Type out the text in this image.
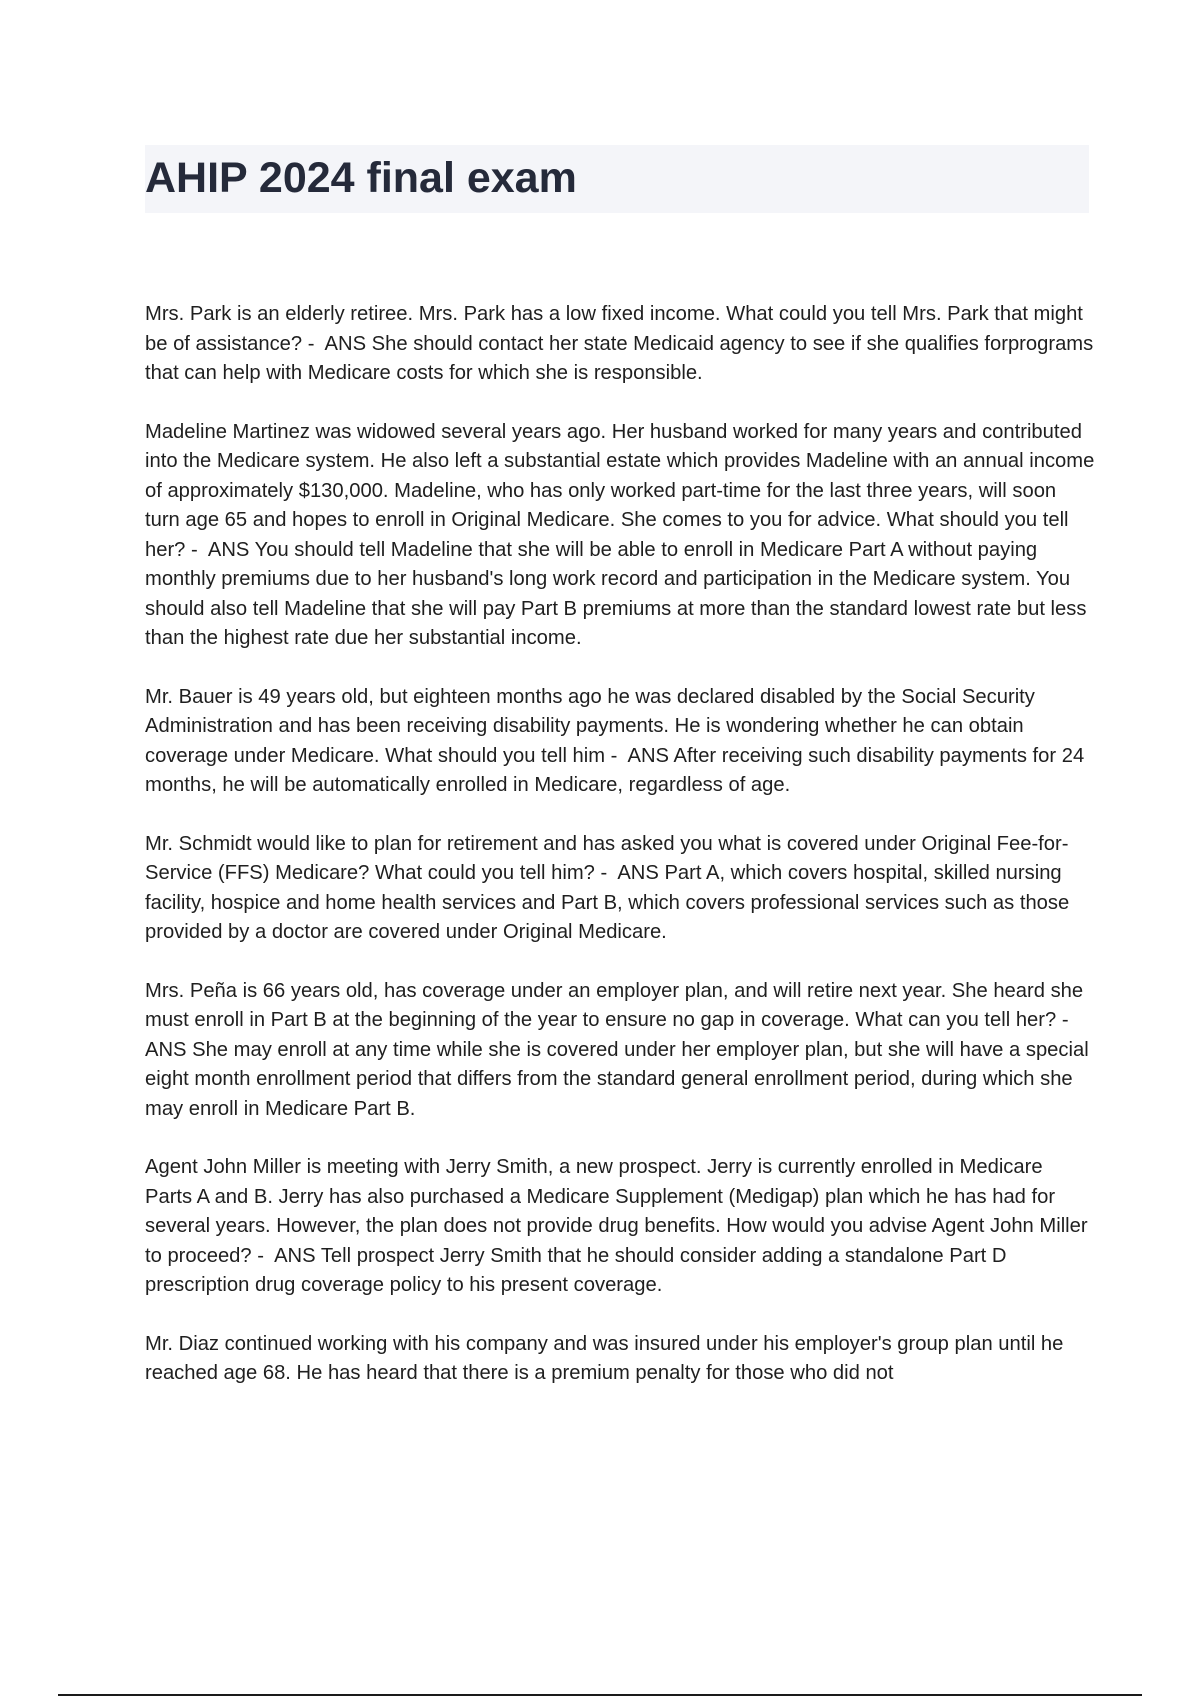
AHIP 2024 final exam

Mrs. Park is an elderly retiree. Mrs. Park has a low fixed income. What could you tell Mrs. Park that might be of assistance? -  ANS She should contact her state Medicaid agency to see if she qualifies forprograms that can help with Medicare costs for which she is responsible.

Madeline Martinez was widowed several years ago. Her husband worked for many years and contributed into the Medicare system. He also left a substantial estate which provides Madeline with an annual income of approximately $130,000. Madeline, who has only worked part-time for the last three years, will soon turn age 65 and hopes to enroll in Original Medicare. She comes to you for advice. What should you tell her? -  ANS You should tell Madeline that she will be able to enroll in Medicare Part A without paying monthly premiums due to her husband's long work record and participation in the Medicare system. You should also tell Madeline that she will pay Part B premiums at more than the standard lowest rate but less than the highest rate due her substantial income.

Mr. Bauer is 49 years old, but eighteen months ago he was declared disabled by the Social Security Administration and has been receiving disability payments. He is wondering whether he can obtain coverage under Medicare. What should you tell him -  ANS After receiving such disability payments for 24 months, he will be automatically enrolled in Medicare, regardless of age.

Mr. Schmidt would like to plan for retirement and has asked you what is covered under Original Fee-for-Service (FFS) Medicare? What could you tell him? -  ANS Part A, which covers hospital, skilled nursing facility, hospice and home health services and Part B, which covers professional services such as those provided by a doctor are covered under Original Medicare.

Mrs. Peña is 66 years old, has coverage under an employer plan, and will retire next year. She heard she must enroll in Part B at the beginning of the year to ensure no gap in coverage. What can you tell her? -  ANS She may enroll at any time while she is covered under her employer plan, but she will have a special eight month enrollment period that differs from the standard general enrollment period, during which she may enroll in Medicare Part B.

Agent John Miller is meeting with Jerry Smith, a new prospect. Jerry is currently enrolled in Medicare Parts A and B. Jerry has also purchased a Medicare Supplement (Medigap) plan which he has had for several years. However, the plan does not provide drug benefits. How would you advise Agent John Miller to proceed? -  ANS Tell prospect Jerry Smith that he should consider adding a standalone Part D prescription drug coverage policy to his present coverage.

Mr. Diaz continued working with his company and was insured under his employer's group plan until he reached age 68. He has heard that there is a premium penalty for those who did not
